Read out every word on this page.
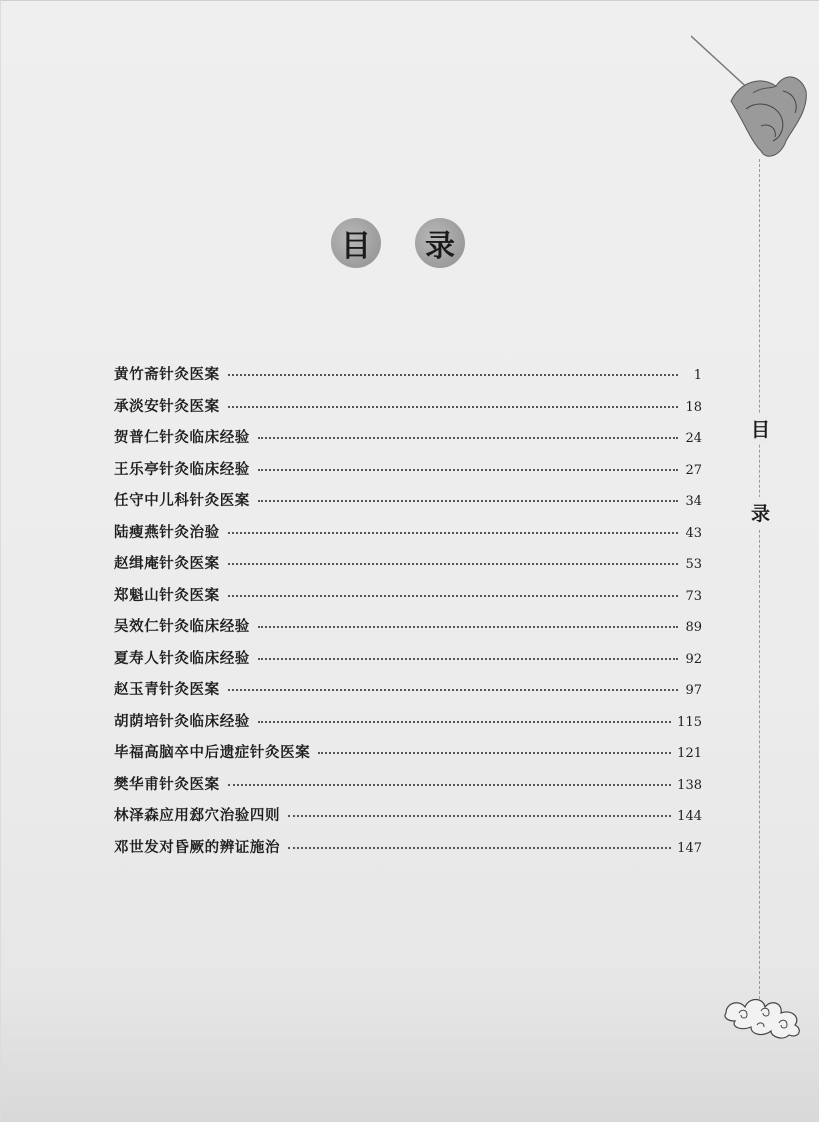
目 录
黄竹斋针灸医案	1
承淡安针灸医案	18
贺普仁针灸临床经验	24
王乐亭针灸临床经验	27
任守中儿科针灸医案	34
陆瘦燕针灸治验	43
赵缉庵针灸医案	53
郑魁山针灸医案	73
吴效仁针灸临床经验	89
夏寿人针灸临床经验	92
赵玉青针灸医案	97
胡荫培针灸临床经验	115
毕福高脑卒中后遗症针灸医案	121
樊华甫针灸医案	138
林泽森应用郄穴治验四则	144
邓世发对昏厥的辨证施治	147
目
录
